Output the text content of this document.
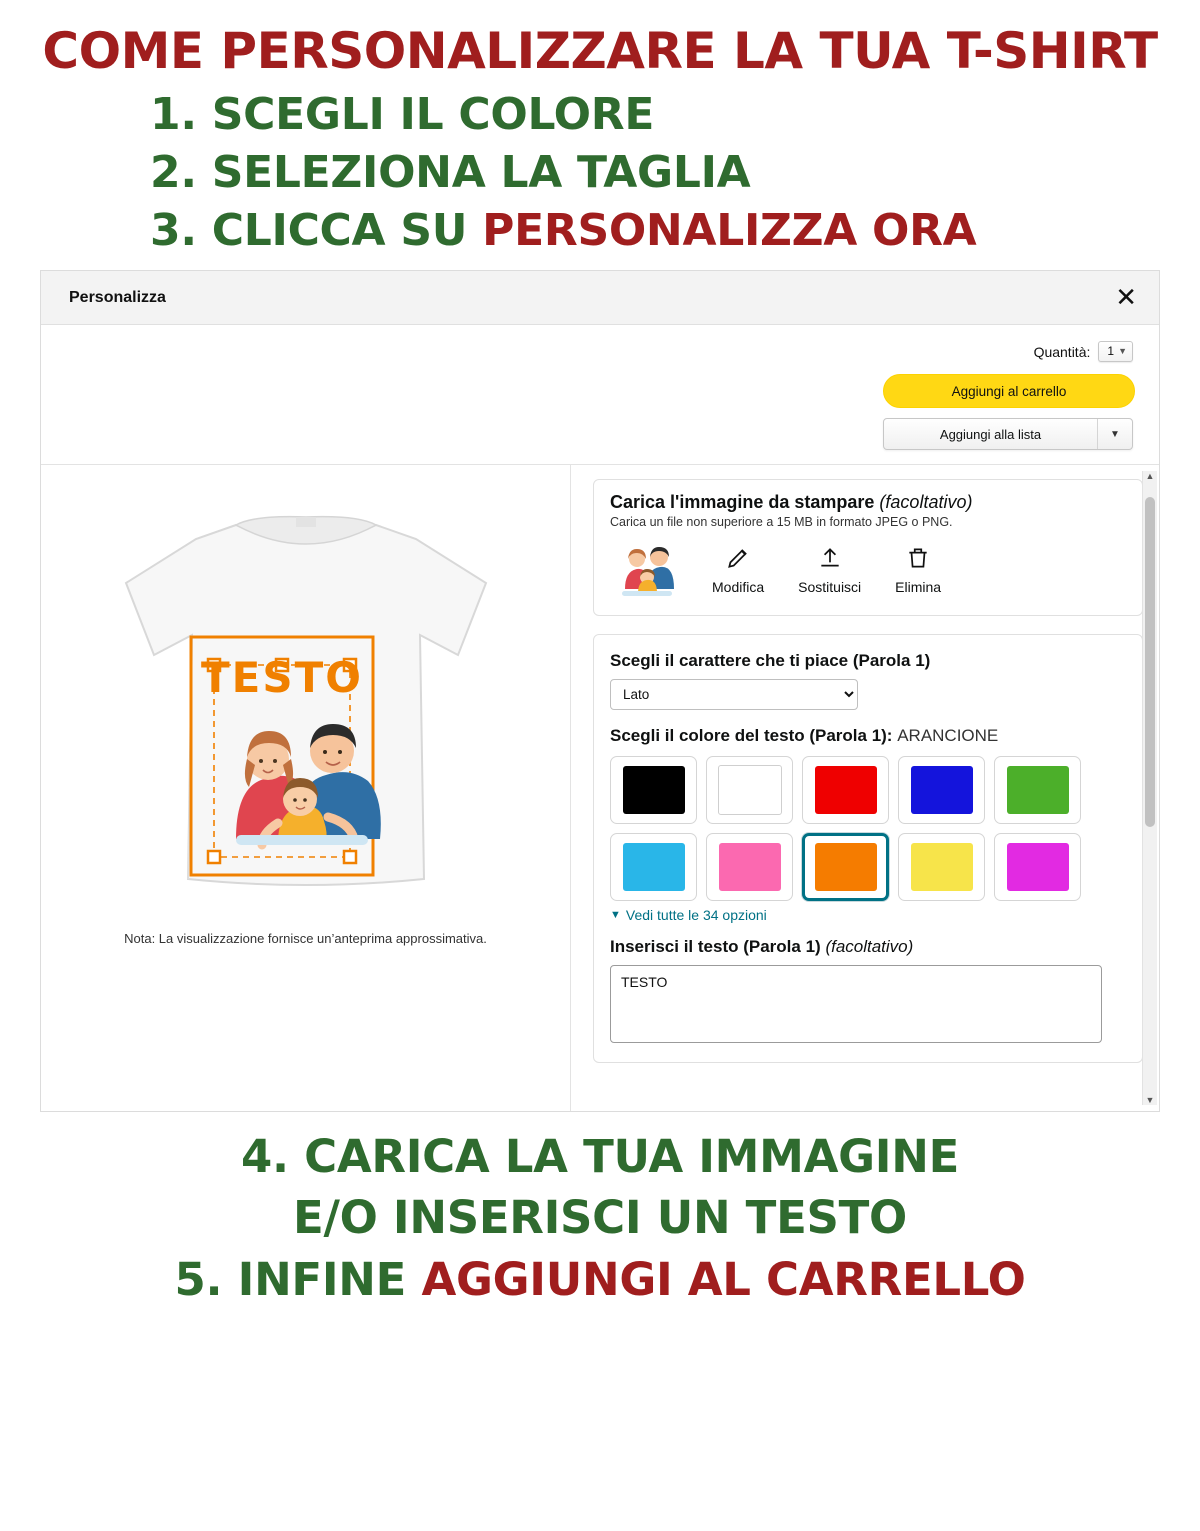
COME PERSONALIZZARE LA TUA T-SHIRT
1. SCEGLI IL COLORE
2. SELEZIONA LA TAGLIA
3. CLICCA SU PERSONALIZZA ORA
Personalizza	✕
Quantità: 1 ▼
Aggiungi al carrello
Aggiungi alla lista	▼
TESTO
Nota: La visualizzazione fornisce un’anteprima approssimativa.
Carica l'immagine da stampare (facoltativo)
Carica un file non superiore a 15 MB in formato JPEG o PNG.
Modifica Sostituisci Elimina
Scegli il carattere che ti piace (Parola 1)
Lato
Scegli il colore del testo (Parola 1): ARANCIONE
▼ Vedi tutte le 34 opzioni
Inserisci il testo (Parola 1) (facoltativo)
TESTO
▲
▼
4. CARICA LA TUA IMMAGINE
E/O INSERISCI UN TESTO
5. INFINE AGGIUNGI AL CARRELLO
